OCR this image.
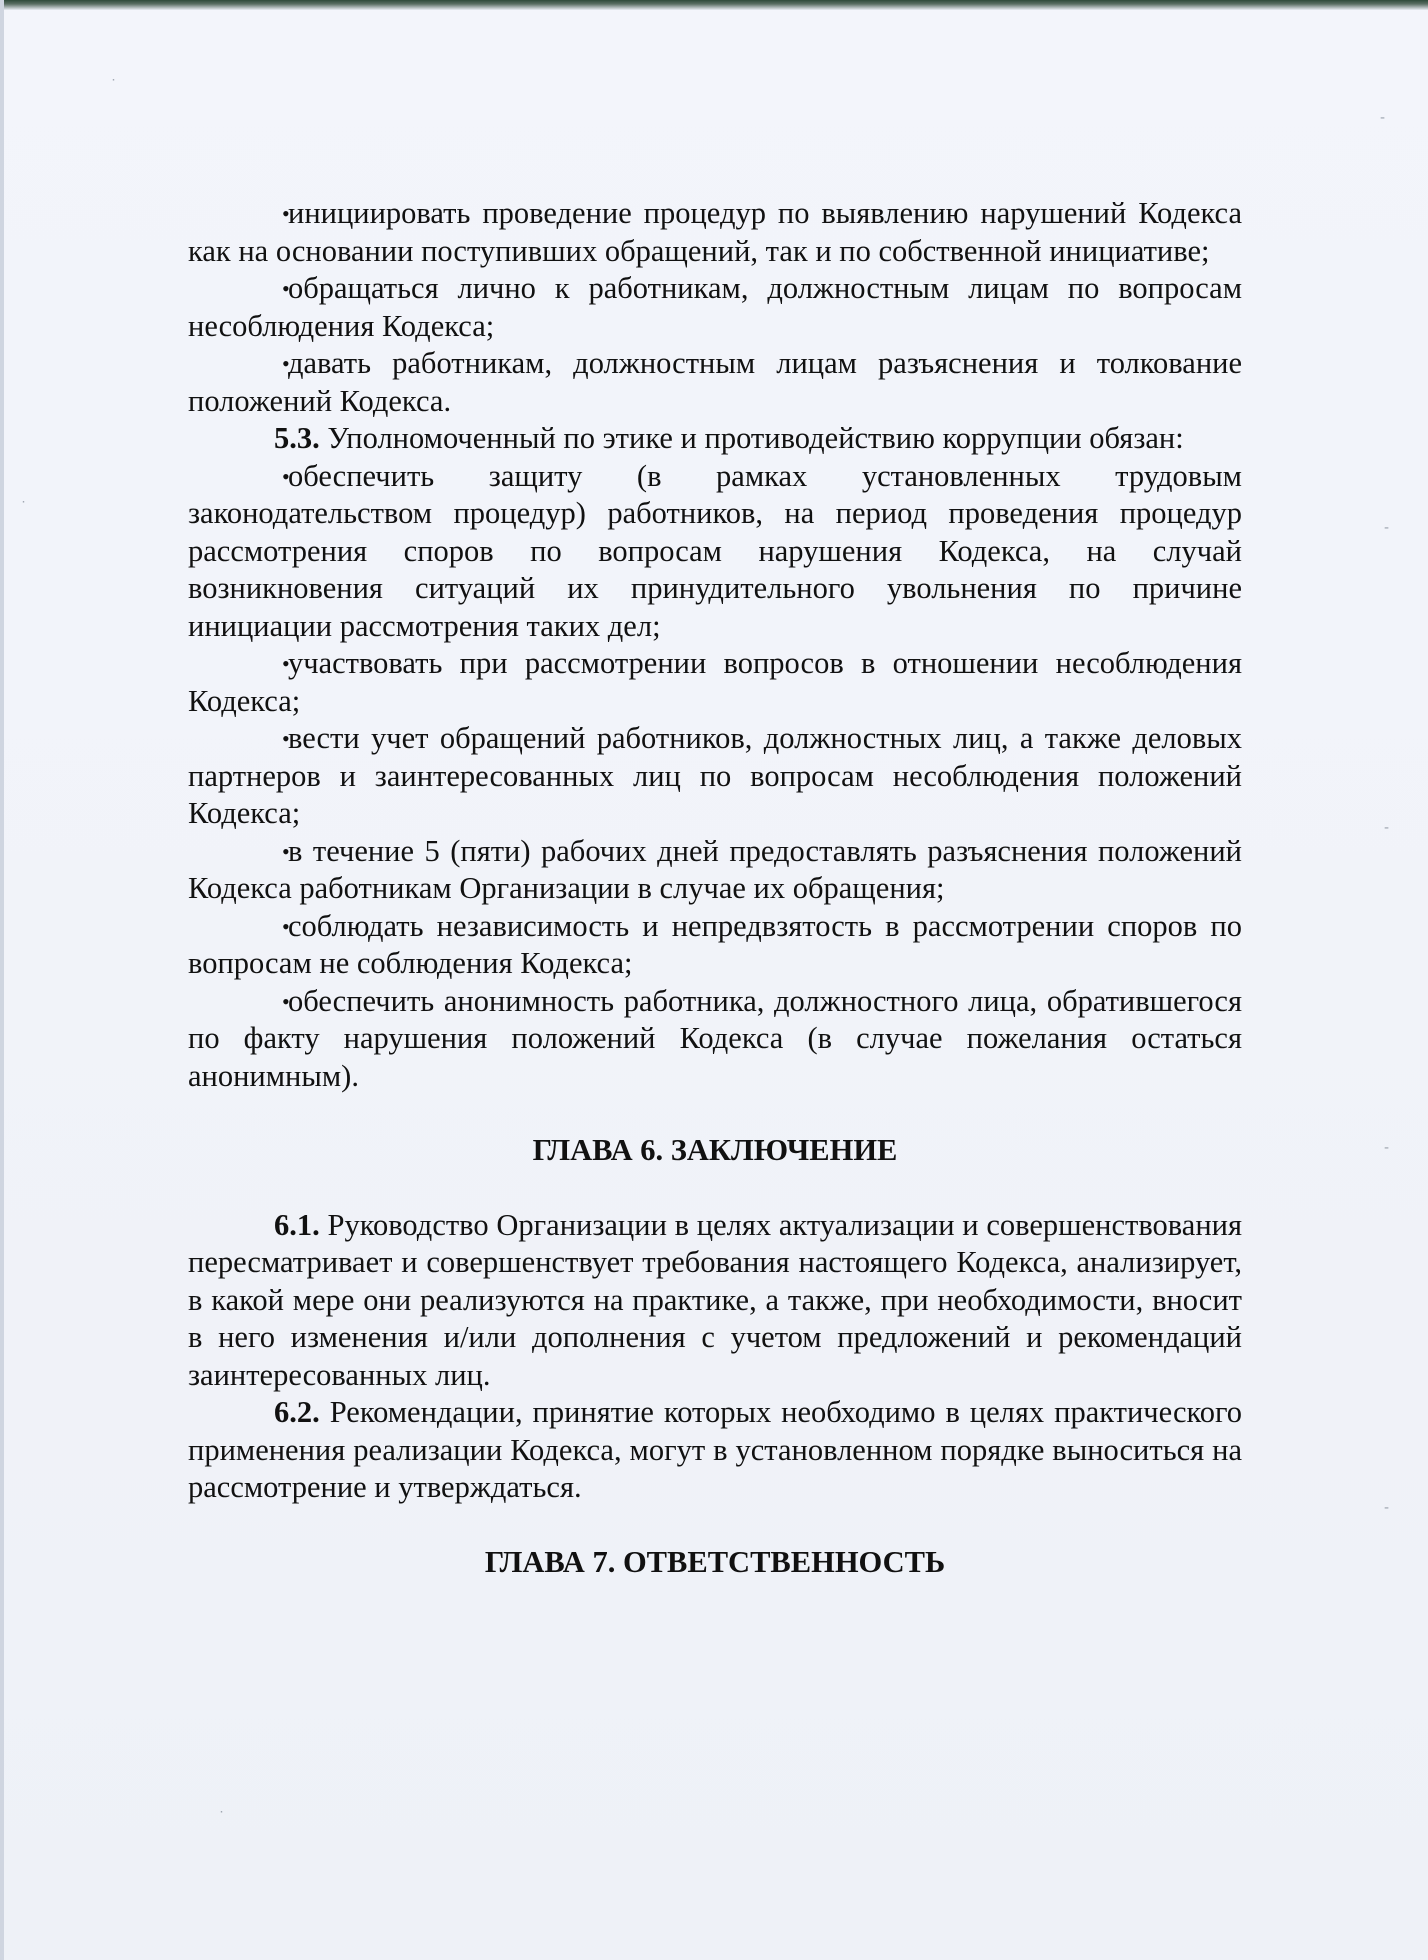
˙
-
-
-
-
-
˙
˙

•
инициировать проведение процедур по выявлению нарушений Кодекса как на основании поступивших обращений, так и по собственной инициативе;

•
обращаться лично к работникам, должностным лицам по вопросам несоблюдения Кодекса;

•
давать работникам, должностным лицам разъяснения и толкование положений Кодекса.

5.3. Уполномоченный по этике и противодействию коррупции обязан:

•
обеспечить защиту (в рамках установленных трудовым законодательством процедур) работников, на период проведения процедур рассмотрения споров по вопросам нарушения Кодекса, на случай возникновения ситуаций их принудительного увольнения по причине инициации рассмотрения таких дел;

•
участвовать при рассмотрении вопросов в отношении несоблюдения Кодекса;

•
вести учет обращений работников, должностных лиц, а также деловых партнеров и заинтересованных лиц по вопросам несоблюдения положений Кодекса;

•
в течение 5 (пяти) рабочих дней предоставлять разъяснения положений Кодекса работникам Организации в случае их обращения;

•
соблюдать независимость и непредвзятость в рассмотрении споров по вопросам не соблюдения Кодекса;

•
обеспечить анонимность работника, должностного лица, обратившегося по факту нарушения положений Кодекса (в случае пожелания остаться анонимным).

ГЛАВА 6. ЗАКЛЮЧЕНИЕ

6.1. Руководство Организации в целях актуализации и совершенствования пересматривает и совершенствует требования настоящего Кодекса, анализирует, в какой мере они реализуются на практике, а также, при необходимости, вносит в него изменения и/или дополнения с учетом предложений и рекомендаций заинтересованных лиц.

6.2. Рекомендации, принятие которых необходимо в целях практического применения реализации Кодекса, могут в установленном порядке выноситься на рассмотрение и утверждаться.

ГЛАВА 7. ОТВЕТСТВЕННОСТЬ
